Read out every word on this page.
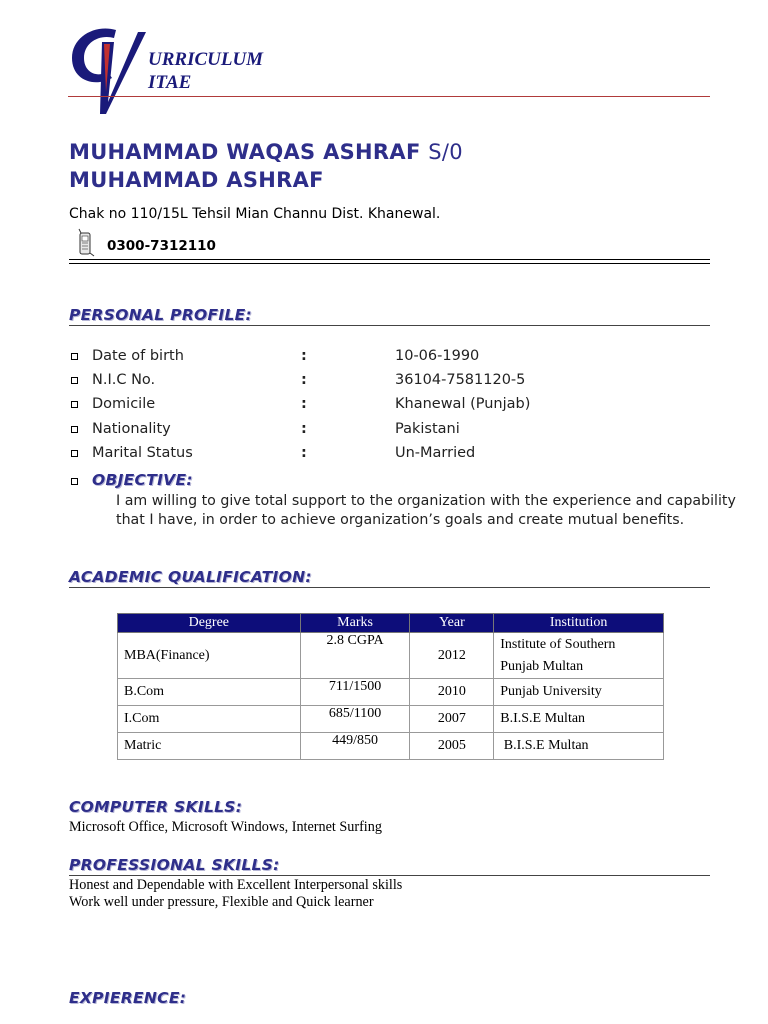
URRICULUM
ITAE
MUHAMMAD WAQAS ASHRAF S/0
MUHAMMAD ASHRAF
Chak no 110/15L Tehsil Mian Channu Dist. Khanewal.
0300-7312110
PERSONAL PROFILE:
Date of birth	:	10-06-1990
N.I.C No.	:	36104-7581120-5
Domicile	:	Khanewal (Punjab)
Nationality	:	Pakistani
Marital Status	:	Un-Married
OBJECTIVE:
I am willing to give total support to the organization with the experience and capability that I have, in order to achieve organization’s goals and create mutual benefits.
ACADEMIC QUALIFICATION:
Degree	Marks	Year	Institution
MBA(Finance)	2.8 CGPA	2012	Institute of Southern
Punjab Multan

B.Com	711/1500	2010	Punjab University
I.Com	685/1100	2007	B.I.S.E Multan
Matric	449/850	2005	B.I.S.E Multan
COMPUTER SKILLS:
Microsoft Office, Microsoft Windows, Internet Surfing
PROFESSIONAL SKILLS:
Honest and Dependable with Excellent Interpersonal skills
Work well under pressure, Flexible and Quick learner
EXPIERENCE:
